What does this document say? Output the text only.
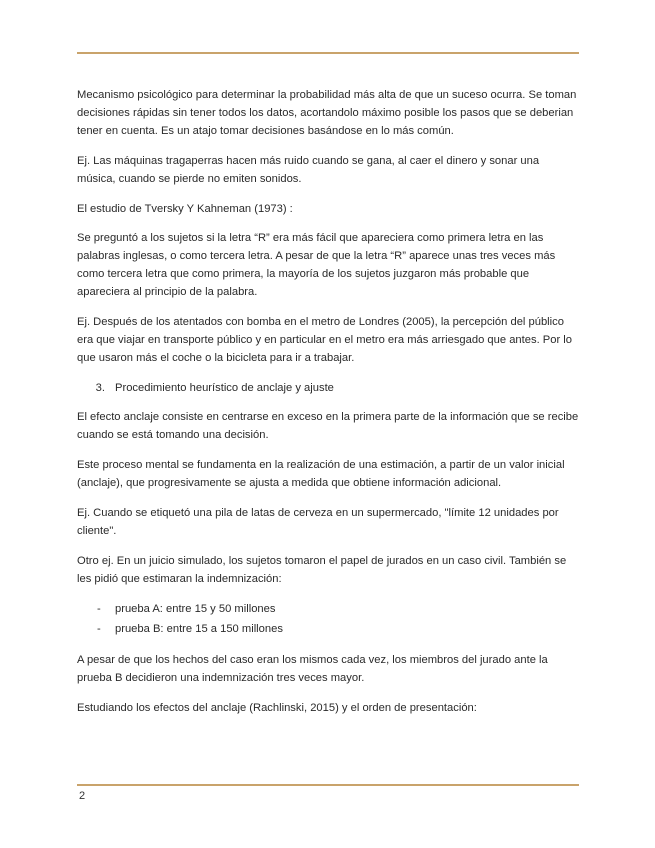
Mecanismo psicológico para determinar la probabilidad más alta de que un suceso ocurra. Se toman decisiones rápidas sin tener todos los datos, acortandolo máximo posible los pasos que se deberian tener en cuenta. Es un atajo tomar decisiones basándose en lo más común.

Ej. Las máquinas tragaperras hacen más ruido cuando se gana, al caer el dinero y sonar una música, cuando se pierde no emiten sonidos.

El estudio de Tversky Y Kahneman (1973) :

Se preguntó a los sujetos si la letra “R” era más fácil que apareciera como primera letra en las palabras inglesas, o como tercera letra. A pesar de que la letra “R” aparece unas tres veces más como tercera letra que como primera, la mayoría de los sujetos juzgaron más probable que apareciera al principio de la palabra.

Ej. Después de los atentados con bomba en el metro de Londres (2005), la percepción del público era que viajar en transporte público y en particular en el metro era más arriesgado que antes. Por lo que usaron más el coche o la bicicleta para ir a trabajar.

3. Procedimiento heurístico de anclaje y ajuste

El efecto anclaje consiste en centrarse en exceso en la primera parte de la información que se recibe cuando se está tomando una decisión.

Este proceso mental se fundamenta en la realización de una estimación, a partir de un valor inicial (anclaje), que progresivamente se ajusta a medida que obtiene información adicional.

Ej. Cuando se etiquetó una pila de latas de cerveza en un supermercado, "límite 12 unidades por cliente".

Otro ej. En un juicio simulado, los sujetos tomaron el papel de jurados en un caso civil. También se les pidió que estimaran la indemnización:

-	prueba A: entre 15 y 50 millones
-	prueba B: entre 15 a 150 millones

A pesar de que los hechos del caso eran los mismos cada vez, los miembros del jurado ante la prueba B decidieron una indemnización tres veces mayor.

Estudiando los efectos del anclaje (Rachlinski, 2015) y el orden de presentación:

2
